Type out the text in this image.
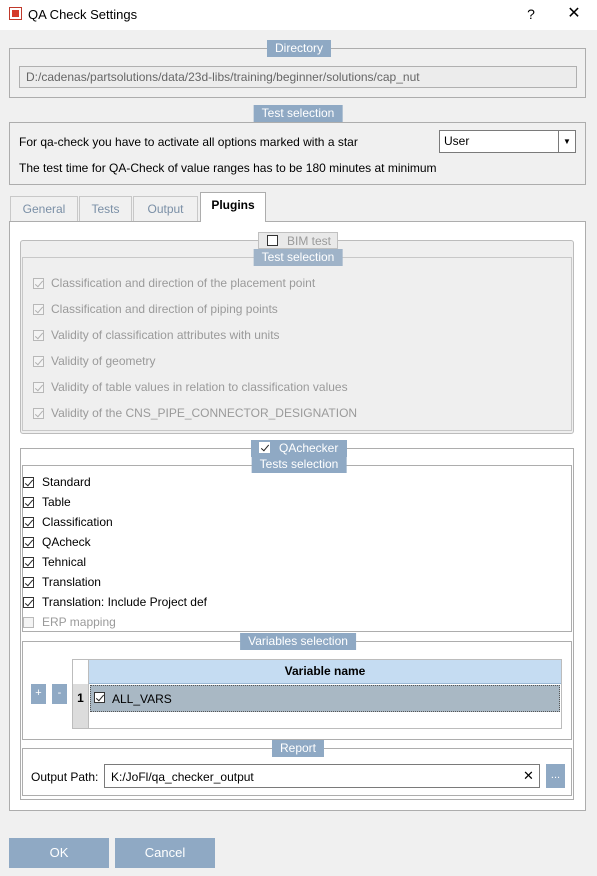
QA Check Settings	?	✕
Directory
D:/cadenas/partsolutions/data/23d-libs/training/beginner/solutions/cap_nut
Test selection
For qa-check you have to activate all options marked with a star	User	▼
The test time for QA-Check of value ranges has to be 180 minutes at minimum
General	Tests	Output	Plugins
BIM test
Test selection
Classification and direction of the placement point
Classification and direction of piping points
Validity of classification attributes with units
Validity of geometry
Validity of table values in relation to classification values
Validity of the CNS_PIPE_CONNECTOR_DESIGNATION
QAchecker
Tests selection
Standard
Table
Classification
QAcheck
Tehnical
Translation
Translation: Include Project def
ERP mapping
Variables selection
+	-
Variable name
1	ALL_VARS
Report
Output Path: K:/JoFl/qa_checker_output	✕	...
OK	Cancel
